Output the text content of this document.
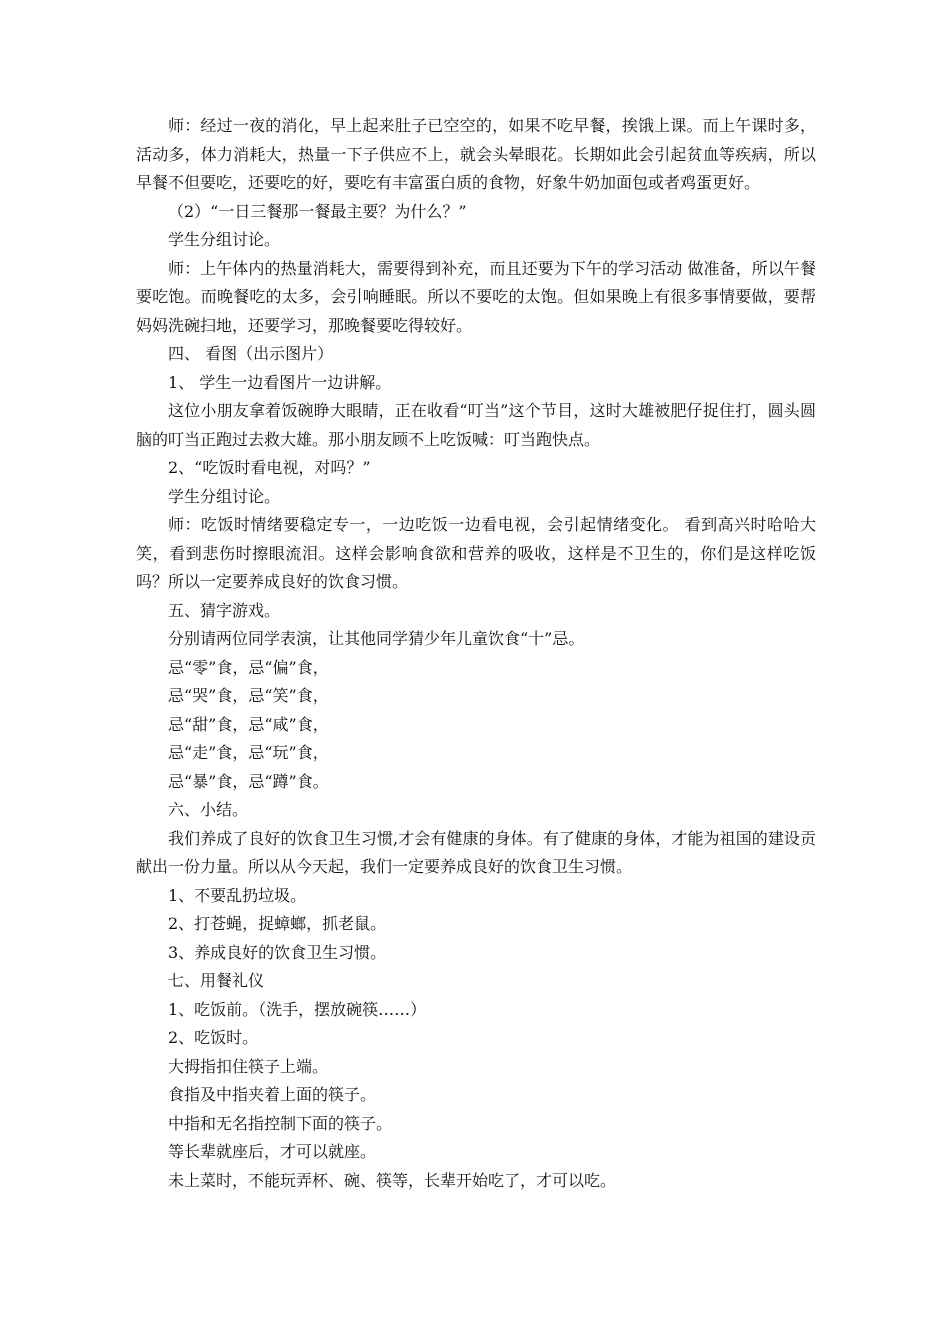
师：经过一夜的消化，早上起来肚子已空空的，如果不吃早餐，挨饿上课。而上午课时多，活动多，体力消耗大，热量一下子供应不上，就会头晕眼花。长期如此会引起贫血等疾病，所以早餐不但要吃，还要吃的好，要吃有丰富蛋白质的食物，好象牛奶加面包或者鸡蛋更好。

（2）“一日三餐那一餐最主要？为什么？”

学生分组讨论。

师：上午体内的热量消耗大，需要得到补充，而且还要为下午的学习活动 做准备，所以午餐要吃饱。而晚餐吃的太多，会引响睡眠。所以不要吃的太饱。但如果晚上有很多事情要做，要帮妈妈洗碗扫地，还要学习，那晚餐要吃得较好。

四、 看图（出示图片）

1、 学生一边看图片一边讲解。

这位小朋友拿着饭碗睁大眼睛，正在收看“叮当”这个节目，这时大雄被肥仔捉住打，圆头圆脑的叮当正跑过去救大雄。那小朋友顾不上吃饭喊：叮当跑快点。

2、“吃饭时看电视，对吗？”

学生分组讨论。

师：吃饭时情绪要稳定专一，一边吃饭一边看电视，会引起情绪变化。 看到高兴时哈哈大笑，看到悲伤时擦眼流泪。这样会影响食欲和营养的吸收，这样是不卫生的，你们是这样吃饭吗？所以一定要养成良好的饮食习惯。

五、猜字游戏。

分别请两位同学表演，让其他同学猜少年儿童饮食“十”忌。

忌“零”食，忌“偏”食，

忌“哭”食，忌“笑”食，

忌“甜”食，忌“咸”食，

忌“走”食，忌“玩”食，

忌“暴”食，忌“蹲”食。

六、小结。

我们养成了良好的饮食卫生习惯,才会有健康的身体。有了健康的身体，才能为祖国的建设贡献出一份力量。所以从今天起，我们一定要养成良好的饮食卫生习惯。

1、不要乱扔垃圾。

2、打苍蝇，捉蟑螂，抓老鼠。

3、养成良好的饮食卫生习惯。

七、用餐礼仪

1、吃饭前。（洗手，摆放碗筷……）

2、吃饭时。

大拇指扣住筷子上端。

食指及中指夹着上面的筷子。

中指和无名指控制下面的筷子。

等长辈就座后，才可以就座。

未上菜时，不能玩弄杯、碗、筷等，长辈开始吃了，才可以吃。
